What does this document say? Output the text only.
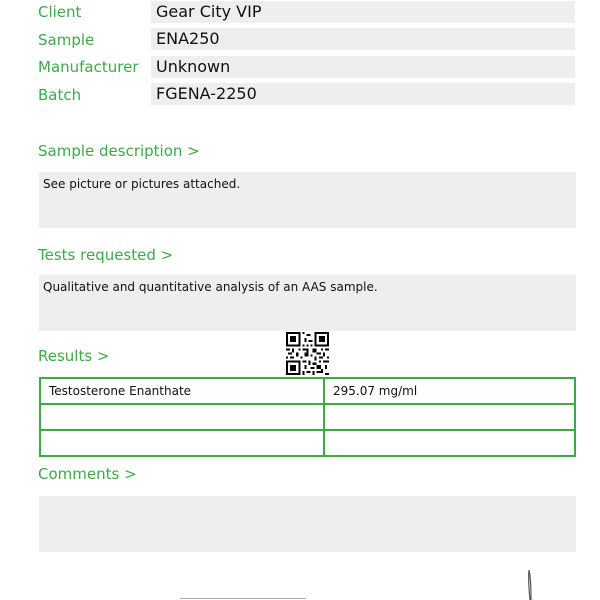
Client	Gear City VIP
Sample	ENA250
Manufacturer	Unknown
Batch	FGENA-2250
Sample description >
See picture or pictures attached.
Tests requested >
Qualitative and quantitative analysis of an AAS sample.
Results >
Testosterone Enanthate	295.07 mg/ml

Comments >
